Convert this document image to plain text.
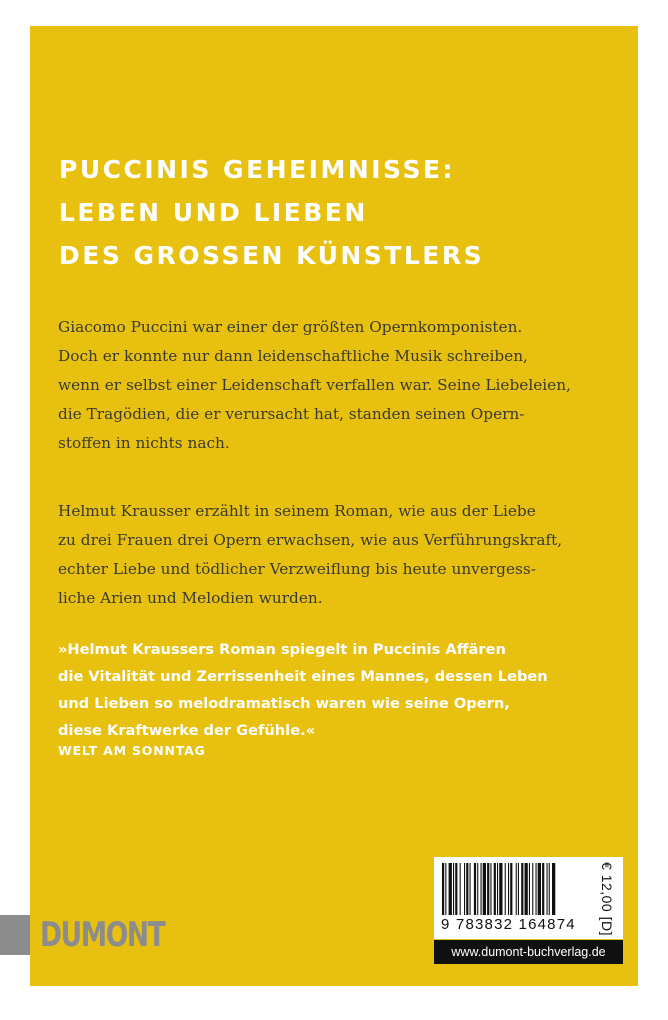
PUCCINIS GEHEIMNISSE:
LEBEN UND LIEBEN
DES GROSSEN KÜNSTLERS
Giacomo Puccini war einer der größten Opernkomponisten.
Doch er konnte nur dann leidenschaftliche Musik schreiben,
wenn er selbst einer Leidenschaft verfallen war. Seine Liebeleien,
die Tragödien, die er verursacht hat, standen seinen Opern-
stoffen in nichts nach.
Helmut Krausser erzählt in seinem Roman, wie aus der Liebe
zu drei Frauen drei Opern erwachsen, wie aus Verführungskraft,
echter Liebe und tödlicher Verzweiflung bis heute unvergess-
liche Arien und Melodien wurden.
»Helmut Kraussers Roman spiegelt in Puccinis Affären
die Vitalität und Zerrissenheit eines Mannes, dessen Leben
und Lieben so melodramatisch waren wie seine Opern,
diese Kraftwerke der Gefühle.«
WELT AM SONNTAG
DUMONT	9 783832 164874 € 12,00 [D]
www.dumont-buchverlag.de
